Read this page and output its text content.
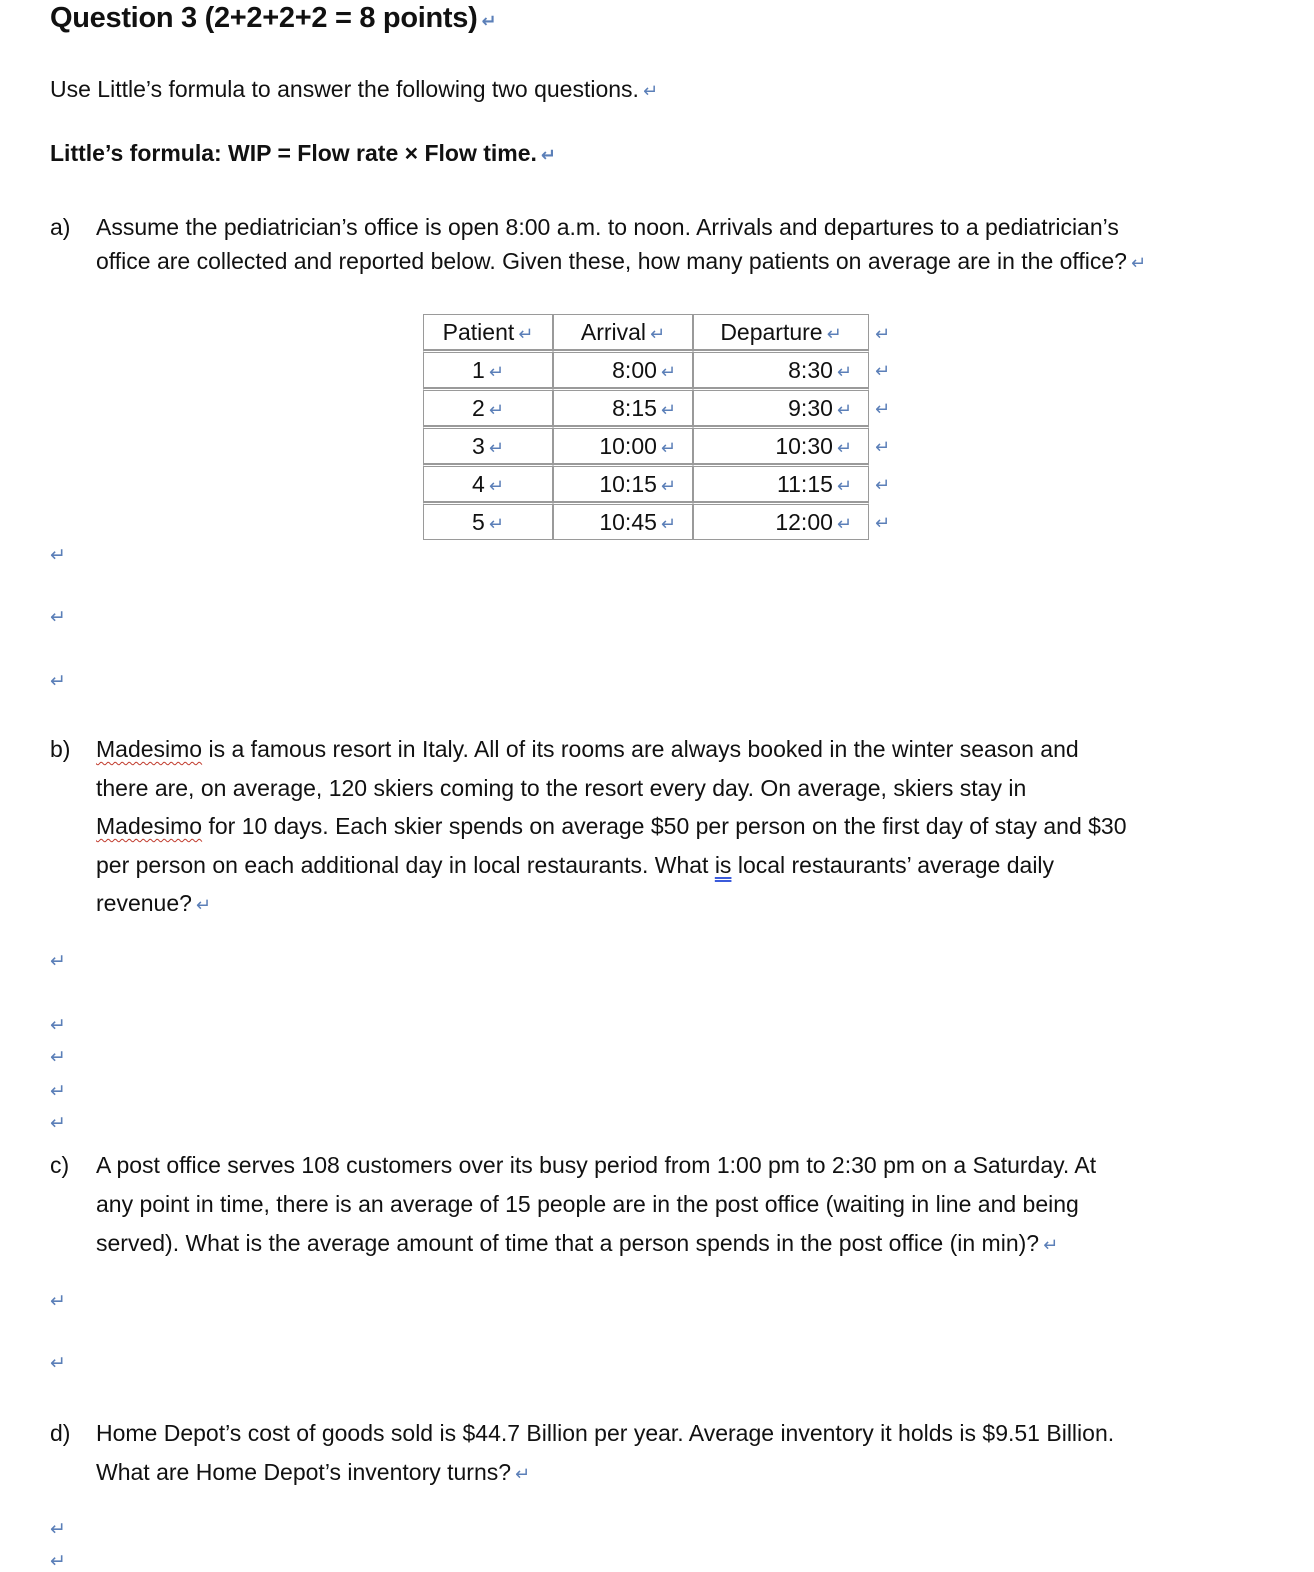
Question 3 (2+2+2+2 = 8 points) ↵
Use Little’s formula to answer the following two questions. ↵
Little’s formula: WIP = Flow rate × Flow time. ↵
a) Assume the pediatrician’s office is open 8:00 a.m. to noon. Arrivals and departures to a pediatrician’s
office are collected and reported below. Given these, how many patients on average are in the office? ↵
Patient ↵	Arrival ↵	Departure ↵	↵
1 ↵	8:00 ↵	8:30 ↵	↵
2 ↵	8:15 ↵	9:30 ↵	↵
3 ↵	10:00 ↵	10:30 ↵	↵
4 ↵	10:15 ↵	11:15 ↵	↵
5 ↵	10:45 ↵	12:00 ↵	↵
↵
↵
↵
b) Madesimo is a famous resort in Italy. All of its rooms are always booked in the winter season and
there are, on average, 120 skiers coming to the resort every day. On average, skiers stay in
Madesimo for 10 days. Each skier spends on average $50 per person on the first day of stay and $30
per person on each additional day in local restaurants. What is local restaurants’ average daily
revenue? ↵
↵
↵
↵
↵
↵
c) A post office serves 108 customers over its busy period from 1:00 pm to 2:30 pm on a Saturday. At
any point in time, there is an average of 15 people are in the post office (waiting in line and being
served). What is the average amount of time that a person spends in the post office (in min)? ↵
↵
↵
d) Home Depot’s cost of goods sold is $44.7 Billion per year. Average inventory it holds is $9.51 Billion.
What are Home Depot’s inventory turns? ↵
↵
↵
